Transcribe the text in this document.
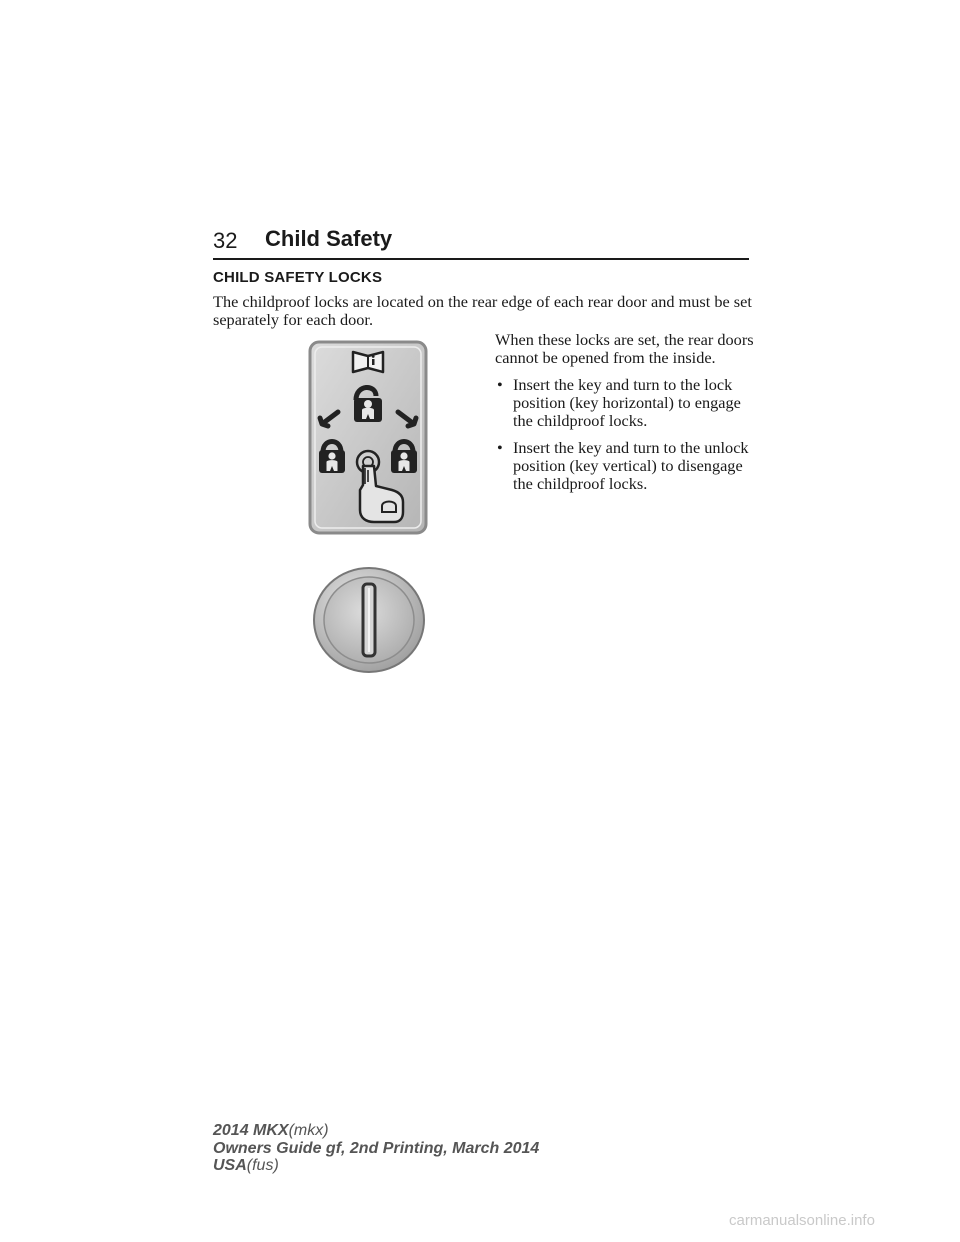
32 Child Safety
CHILD SAFETY LOCKS

The childproof locks are located on the rear edge of each rear door and must be set separately for each door.

When these locks are set, the rear doors cannot be opened from the inside.

• Insert the key and turn to the lock position (key horizontal) to engage the childproof locks.
• Insert the key and turn to the unlock position (key vertical) to disengage the childproof locks.
2014 MKX(mkx)
Owners Guide gf, 2nd Printing, March 2014
USA(fus)
carmanualsonline.info
